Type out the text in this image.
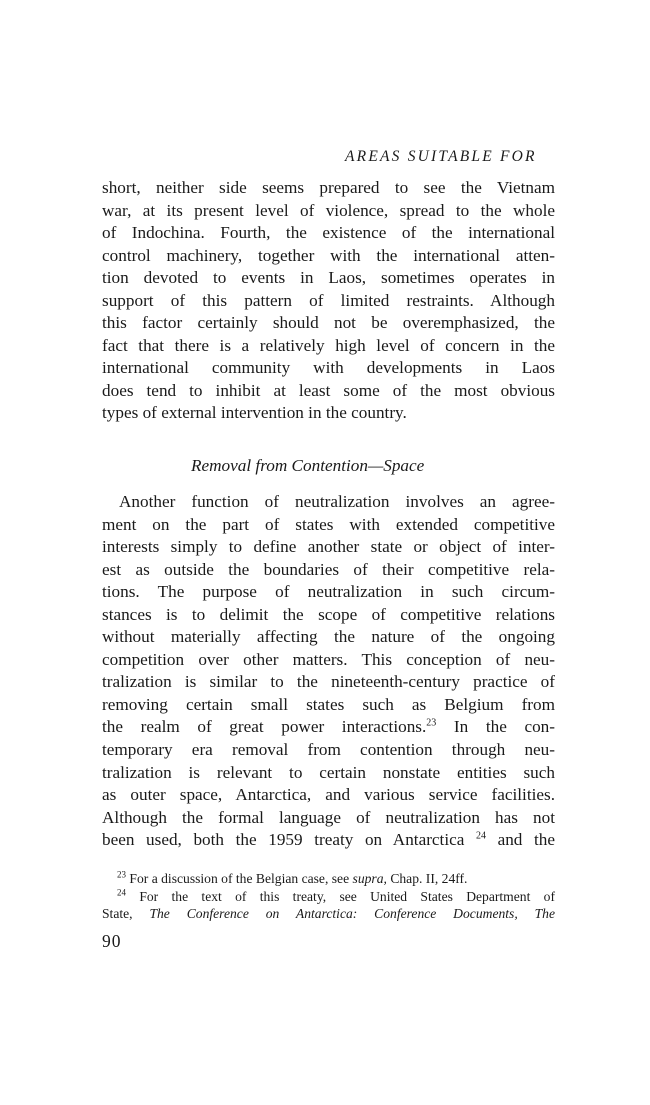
AREAS SUITABLE FOR
short, neither side seems prepared to see the Vietnam
war, at its present level of violence, spread to the whole
of Indochina. Fourth, the existence of the international
control machinery, together with the international atten-
tion devoted to events in Laos, sometimes operates in
support of this pattern of limited restraints. Although
this factor certainly should not be overemphasized, the
fact that there is a relatively high level of concern in the
international community with developments in Laos
does tend to inhibit at least some of the most obvious
types of external intervention in the country.
Removal from Contention—Space
Another function of neutralization involves an agree-
ment on the part of states with extended competitive
interests simply to define another state or object of inter-
est as outside the boundaries of their competitive rela-
tions. The purpose of neutralization in such circum-
stances is to delimit the scope of competitive relations
without materially affecting the nature of the ongoing
competition over other matters. This conception of neu-
tralization is similar to the nineteenth-century practice of
removing certain small states such as Belgium from
the realm of great power interactions.$^{23}$ In the con-
temporary era removal from contention through neu-
tralization is relevant to certain nonstate entities such
as outer space, Antarctica, and various service facilities.
Although the formal language of neutralization has not
been used, both the 1959 treaty on Antarctica $^{24}$ and the
$^{23}$ For a discussion of the Belgian case, see supra, Chap. II, 24ff.
$^{24}$ For the text of this treaty, see United States Department of
State, The Conference on Antarctica: Conference Documents, The
90
